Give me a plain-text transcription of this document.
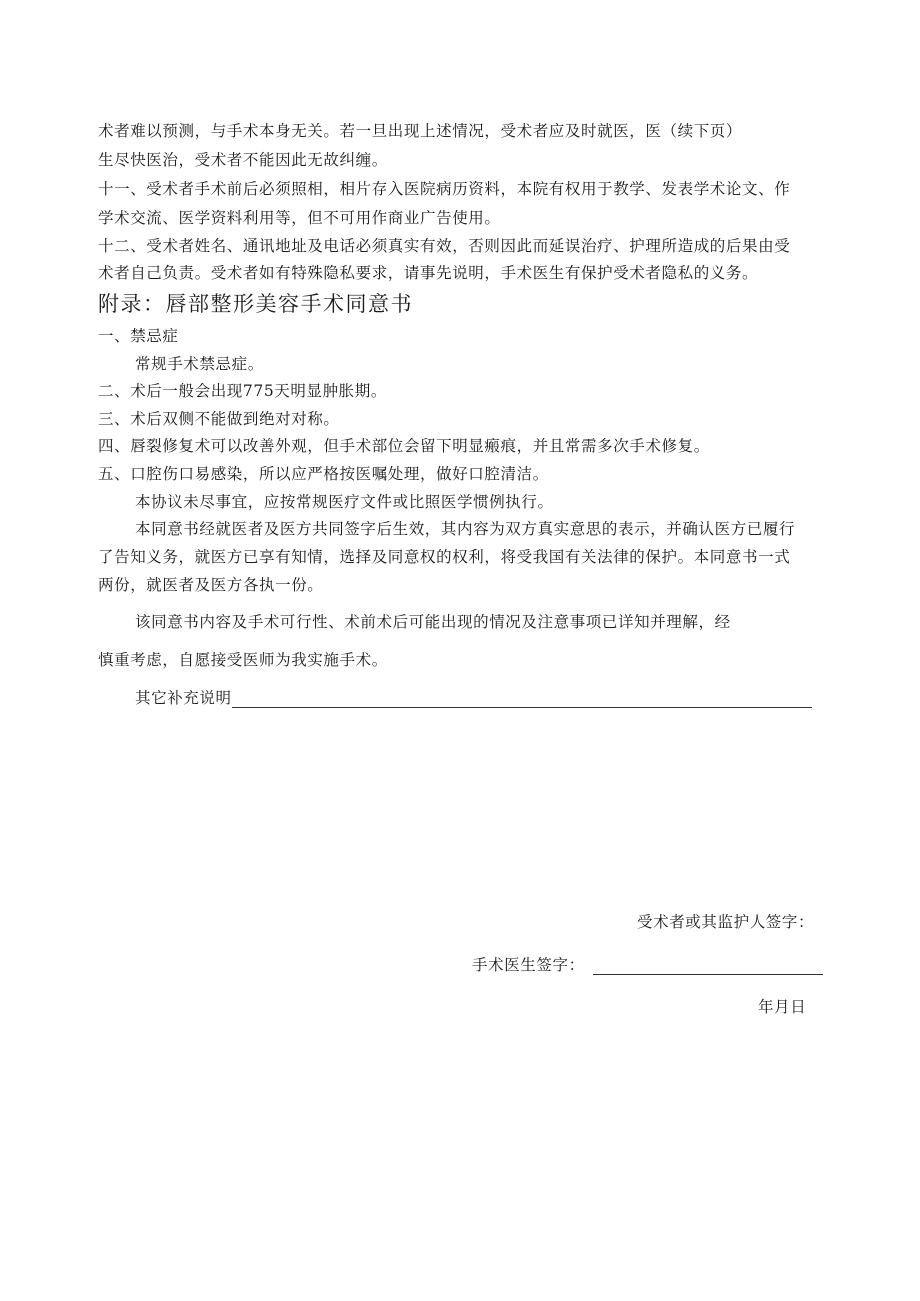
术者难以预测，与手术本身无关。若一旦出现上述情况，受术者应及时就医，医（续下页）
生尽快医治，受术者不能因此无故纠缠。
十一、受术者手术前后必须照相，相片存入医院病历资料，本院有权用于教学、发表学术论文、作
学术交流、医学资料利用等，但不可用作商业广告使用。
十二、受术者姓名、通讯地址及电话必须真实有效，否则因此而延误治疗、护理所造成的后果由受
术者自己负责。受术者如有特殊隐私要求，请事先说明，手术医生有保护受术者隐私的义务。
附录：唇部整形美容手术同意书
一、禁忌症
常规手术禁忌症。
二、术后一般会出现775天明显肿胀期。
三、术后双侧不能做到绝对对称。
四、唇裂修复术可以改善外观，但手术部位会留下明显瘢痕，并且常需多次手术修复。
五、口腔伤口易感染，所以应严格按医嘱处理，做好口腔清洁。
本协议未尽事宜，应按常规医疗文件或比照医学惯例执行。
本同意书经就医者及医方共同签字后生效，其内容为双方真实意思的表示，并确认医方已履行
了告知义务，就医方已享有知情，选择及同意权的权利，将受我国有关法律的保护。本同意书一式
两份，就医者及医方各执一份。
该同意书内容及手术可行性、术前术后可能出现的情况及注意事项已详知并理解，经
慎重考虑，自愿接受医师为我实施手术。
其它补充说明
受术者或其监护人签字：
手术医生签字：
年月日
